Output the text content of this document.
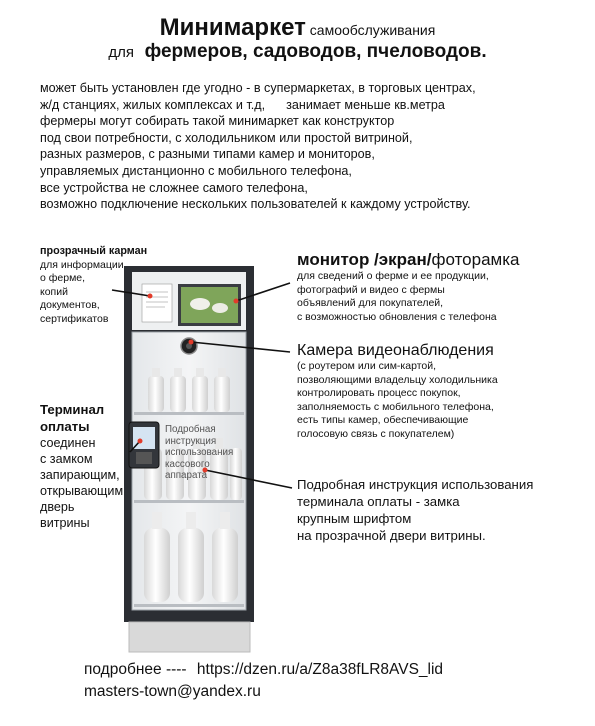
Минимаркет самообслуживания
для фермеров, садоводов, пчеловодов.
может быть установлен где угодно - в супермаркетах, в торговых центрах,
ж/д станциях, жилых комплексах и т.д,      занимает меньше кв.метра
фермеры могут собирать такой минимаркет как конструктор
под свои потребности, с холодильником или простой витриной,
разных размеров, с разными типами камер и мониторов,
управляемых дистанционно с мобильного телефона,
все устройства не сложнее самого телефона,
возможно подключение нескольких пользователей к каждому устройству.
прозрачный карман
для информации
о ферме,
копий
документов,
сертификатов
монитор /экран/фоторамка
для сведений о ферме и ее продукции,
фотографий и видео с фермы
объявлений для покупателей,
с возможностью обновления с телефона
Камера видеонаблюдения
(с роутером или сим-картой,
позволяющими владельцу холодильника
контролировать процесс покупок,
заполняемость с мобильного телефона,
есть типы камер, обеспечивающие
голосовую связь с покупателем)
Терминал
оплаты
соединен
с замком
запирающим,
открывающим
дверь
витрины
Подробная
инструкция
использования
кассового
аппарата
Подробная инструкция использования
терминала оплаты - замка
крупным шрифтом
на прозрачной двери витрины.
подробнее ---- https://dzen.ru/a/Z8a38fLR8AVS_lid
masters-town@yandex.ru
